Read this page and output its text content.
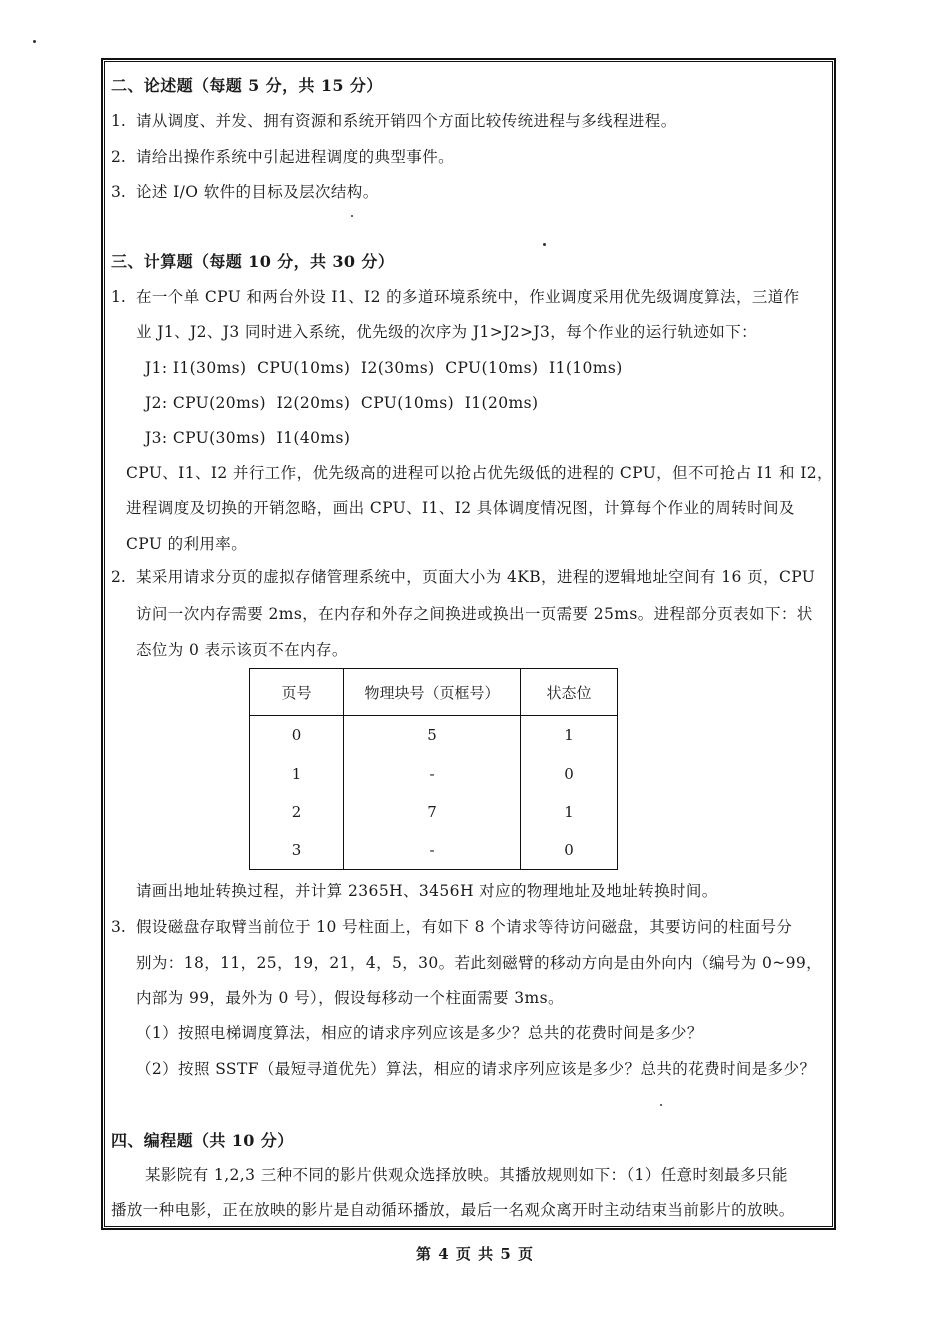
二、论述题（每题 5 分，共 15 分）
1. 请从调度、并发、拥有资源和系统开销四个方面比较传统进程与多线程进程。
2. 请给出操作系统中引起进程调度的典型事件。
3. 论述 I/O 软件的目标及层次结构。
三、计算题（每题 10 分，共 30 分）
1. 在一个单 CPU 和两台外设 I1、I2 的多道环境系统中，作业调度采用优先级调度算法，三道作
业 J1、J2、J3 同时进入系统，优先级的次序为 J1>J2>J3，每个作业的运行轨迹如下：
J1: I1(30ms)  CPU(10ms)  I2(30ms)  CPU(10ms)  I1(10ms)
J2: CPU(20ms)  I2(20ms)  CPU(10ms)  I1(20ms)
J3: CPU(30ms)  I1(40ms)
CPU、I1、I2 并行工作，优先级高的进程可以抢占优先级低的进程的 CPU，但不可抢占 I1 和 I2，
进程调度及切换的开销忽略，画出 CPU、I1、I2 具体调度情况图，计算每个作业的周转时间及
CPU 的利用率。
2. 某采用请求分页的虚拟存储管理系统中，页面大小为 4KB，进程的逻辑地址空间有 16 页，CPU
访问一次内存需要 2ms，在内存和外存之间换进或换出一页需要 25ms。进程部分页表如下：状
态位为 0 表示该页不在内存。
页号	物理块号（页框号）	状态位
0	5	1
1	-	0
2	7	1
3	-	0
请画出地址转换过程，并计算 2365H、3456H 对应的物理地址及地址转换时间。
3. 假设磁盘存取臂当前位于 10 号柱面上，有如下 8 个请求等待访问磁盘，其要访问的柱面号分
别为：18，11，25，19，21，4，5，30。若此刻磁臂的移动方向是由外向内（编号为 0~99，
内部为 99，最外为 0 号），假设每移动一个柱面需要 3ms。
（1）按照电梯调度算法，相应的请求序列应该是多少？总共的花费时间是多少？
（2）按照 SSTF（最短寻道优先）算法，相应的请求序列应该是多少？总共的花费时间是多少？
四、编程题（共 10 分）
某影院有 1,2,3 三种不同的影片供观众选择放映。其播放规则如下：（1）任意时刻最多只能
播放一种电影，正在放映的影片是自动循环播放，最后一名观众离开时主动结束当前影片的放映。
第 4 页 共 5 页
